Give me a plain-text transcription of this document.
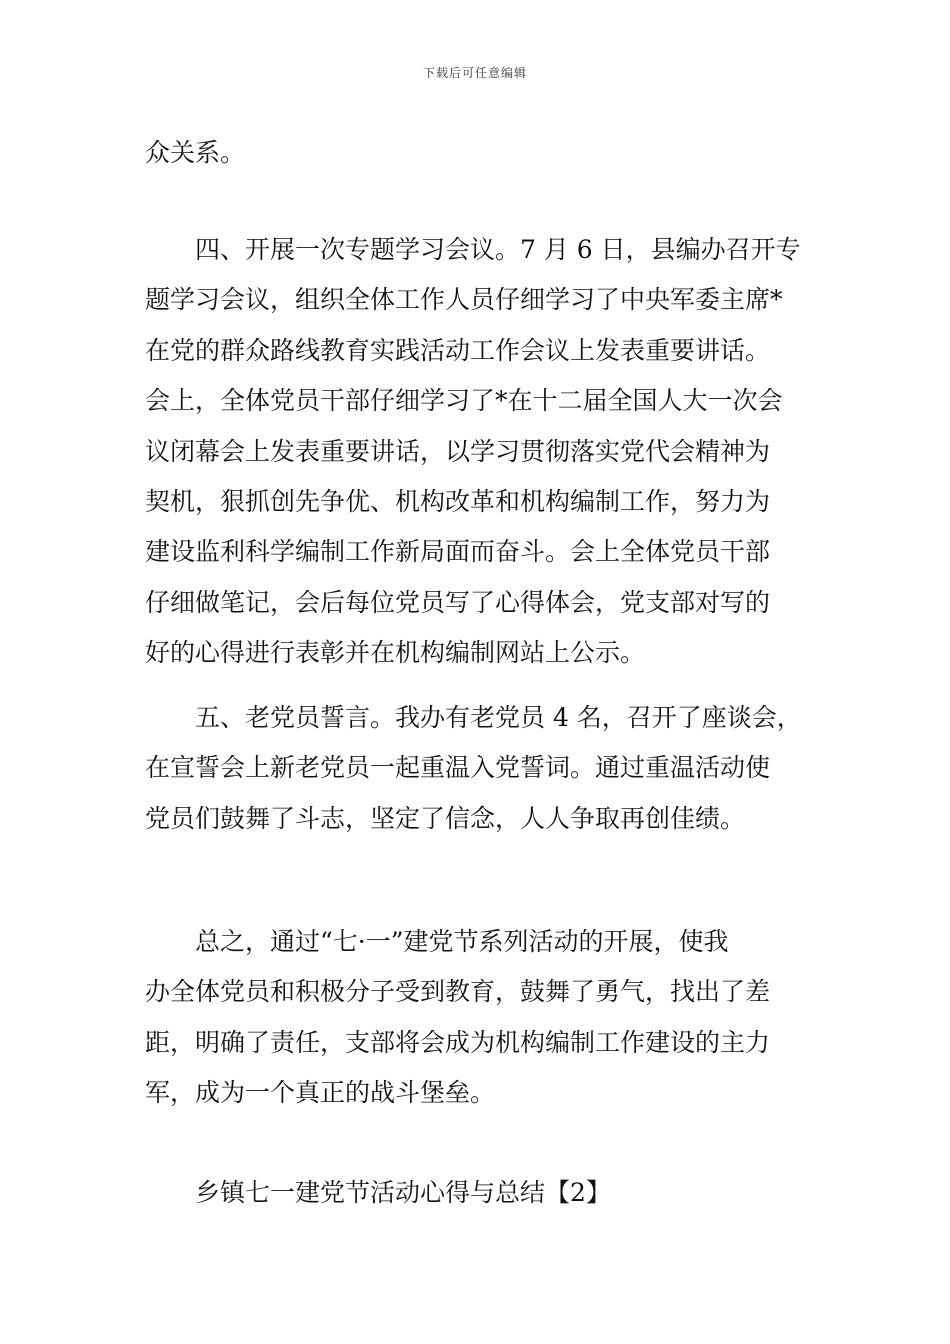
下载后可任意编辑
众关系。
四、开展一次专题学习会议。7 月 6 日，县编办召开专
题学习会议，组织全体工作人员仔细学习了中央军委主席*
在党的群众路线教育实践活动工作会议上发表重要讲话。
会上，全体党员干部仔细学习了*在十二届全国人大一次会
议闭幕会上发表重要讲话，以学习贯彻落实党代会精神为
契机，狠抓创先争优、机构改革和机构编制工作，努力为
建设监利科学编制工作新局面而奋斗。会上全体党员干部
仔细做笔记，会后每位党员写了心得体会，党支部对写的
好的心得进行表彰并在机构编制网站上公示。
五、老党员誓言。我办有老党员 4 名，召开了座谈会，
在宣誓会上新老党员一起重温入党誓词。通过重温活动使
党员们鼓舞了斗志，坚定了信念，人人争取再创佳绩。
总之，通过“七·一”建党节系列活动的开展，使我
办全体党员和积极分子受到教育，鼓舞了勇气，找出了差
距，明确了责任，支部将会成为机构编制工作建设的主力
军，成为一个真正的战斗堡垒。
乡镇七一建党节活动心得与总结【2】
